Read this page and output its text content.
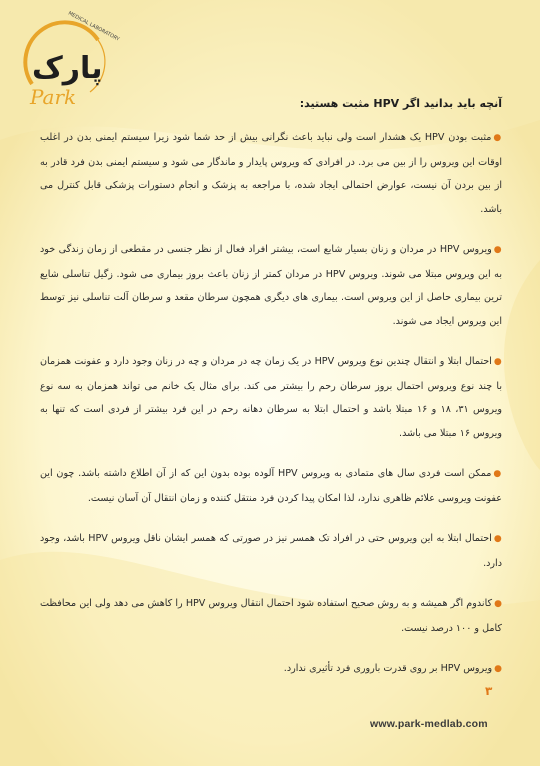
پارک
Park
MEDICAL LABORATORY
آنچه باید بدانید اگر HPV مثبت هستید:

●مثبت بودن HPV یک هشدار است ولی نباید باعث نگرانی بیش از حد شما شود زیرا سیستم ایمنی بدن در اغلب اوقات این ویروس را از بین می برد. در افرادی که ویروس پایدار و ماندگار می شود و سیستم ایمنی بدن فرد قادر به از بین بردن آن نیست، عوارض احتمالی ایجاد شده، با مراجعه به پزشک و انجام دستورات پزشکی قابل کنترل می باشد.

●ویروس HPV در مردان و زنان بسیار شایع است، بیشتر افراد فعال از نظر جنسی در مقطعی از زمان زندگی خود به این ویروس مبتلا می شوند. ویروس HPV در مردان کمتر از زنان باعث بروز بیماری می شود. زگیل تناسلی شایع ترین بیماری حاصل از این ویروس است. بیماری های دیگری همچون سرطان مقعد و سرطان آلت تناسلی نیز توسط این ویروس ایجاد می شوند.

●احتمال ابتلا و انتقال چندین نوع ویروس HPV در یک زمان چه در مردان و چه در زنان وجود دارد و عفونت همزمان با چند نوع ویروس احتمال بروز سرطان رحم را بیشتر می کند. برای مثال یک خانم می تواند همزمان به سه نوع ویروس ۳۱، ۱۸ و ۱۶ مبتلا باشد و احتمال ابتلا به سرطان دهانه رحم در این فرد بیشتر از فردی است که تنها به ویروس ۱۶ مبتلا می باشد.

●ممکن است فردی سال های متمادی به ویروس HPV آلوده بوده بدون این که از آن اطلاع داشته باشد. چون این عفونت ویروسی علائم ظاهری ندارد، لذا امکان پیدا کردن فرد منتقل کننده و زمان انتقال آن آسان نیست.

●احتمال ابتلا به این ویروس حتی در افراد تک همسر نیز در صورتی که همسر ایشان ناقل ویروس HPV باشد، وجود دارد.

●کاندوم اگر همیشه و به روش صحیح استفاده شود احتمال انتقال ویروس HPV را کاهش می دهد ولی این محافظت کامل و ۱۰۰ درصد نیست.

●ویروس HPV بر روی قدرت باروری فرد تأثیری ندارد.

۳
www.park-medlab.com
